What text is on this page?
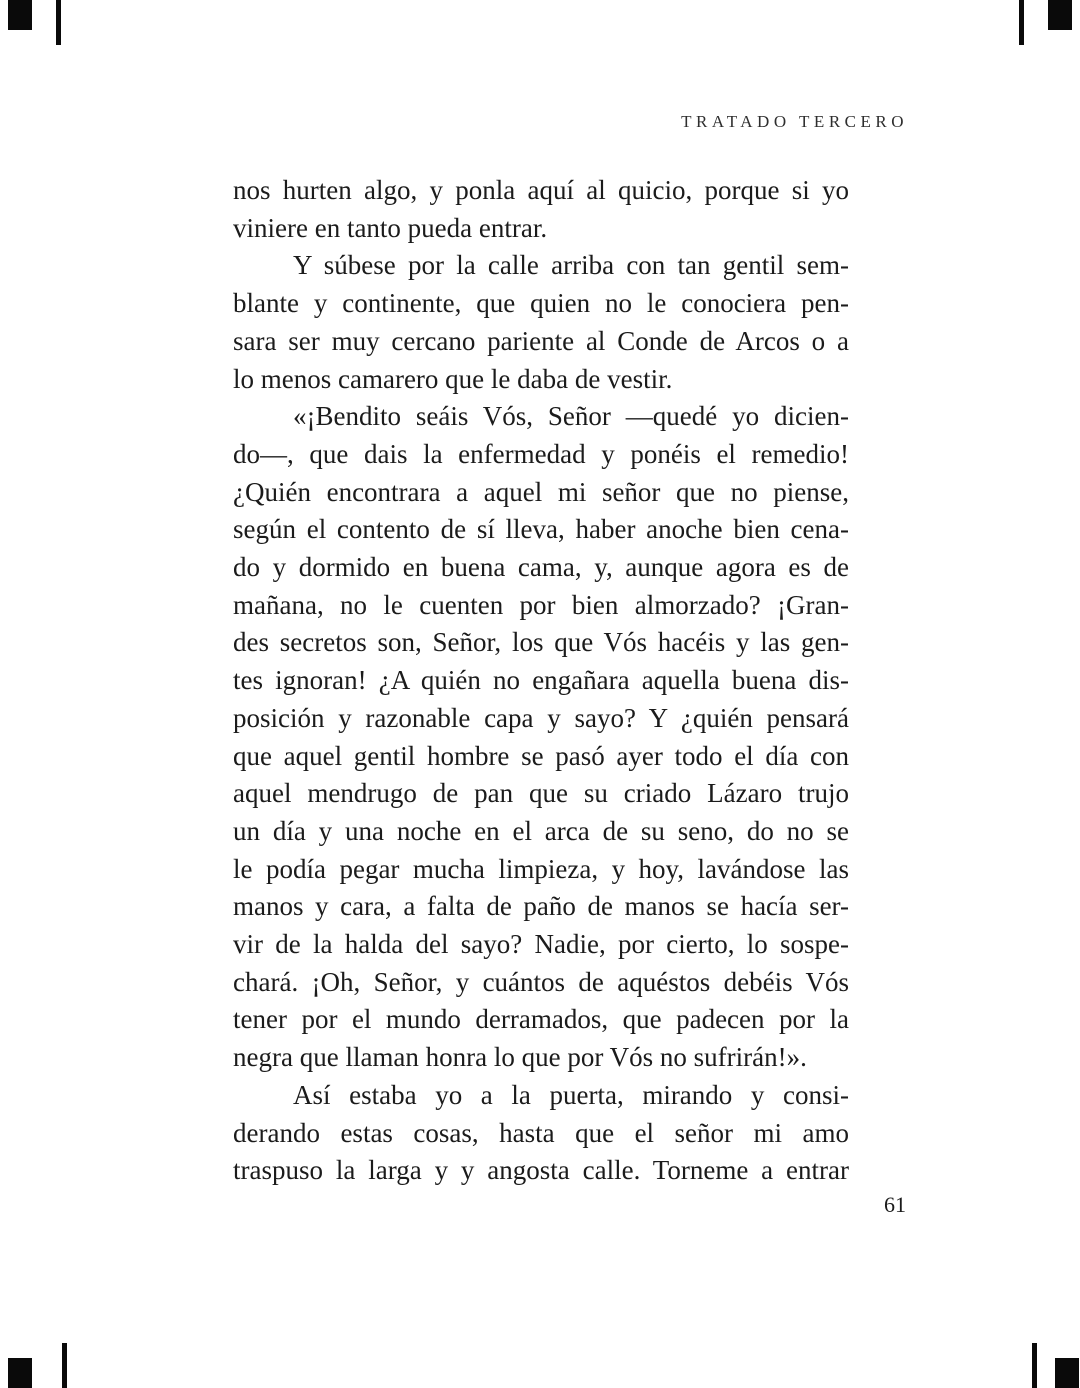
TRATADO TERCERO
nos hurten algo, y ponla aquí al quicio, porque si yo
viniere en tanto pueda entrar.
Y súbese por la calle arriba con tan gentil sem-
blante y continente, que quien no le conociera pen-
sara ser muy cercano pariente al Conde de Arcos o a
lo menos camarero que le daba de vestir.
«¡Bendito seáis Vós, Señor —quedé yo dicien-
do—, que dais la enfermedad y ponéis el remedio!
¿Quién encontrara a aquel mi señor que no piense,
según el contento de sí lleva, haber anoche bien cena-
do y dormido en buena cama, y, aunque agora es de
mañana, no le cuenten por bien almorzado? ¡Gran-
des secretos son, Señor, los que Vós hacéis y las gen-
tes ignoran! ¿A quién no engañara aquella buena dis-
posición y razonable capa y sayo? Y ¿quién pensará
que aquel gentil hombre se pasó ayer todo el día con
aquel mendrugo de pan que su criado Lázaro trujo
un día y una noche en el arca de su seno, do no se
le podía pegar mucha limpieza, y hoy, lavándose las
manos y cara, a falta de paño de manos se hacía ser-
vir de la halda del sayo? Nadie, por cierto, lo sospe-
chará. ¡Oh, Señor, y cuántos de aquéstos debéis Vós
tener por el mundo derramados, que padecen por la
negra que llaman honra lo que por Vós no sufrirán!».
Así estaba yo a la puerta, mirando y consi-
derando estas cosas, hasta que el señor mi amo
traspuso la larga y y angosta calle. Torneme a entrar
61
